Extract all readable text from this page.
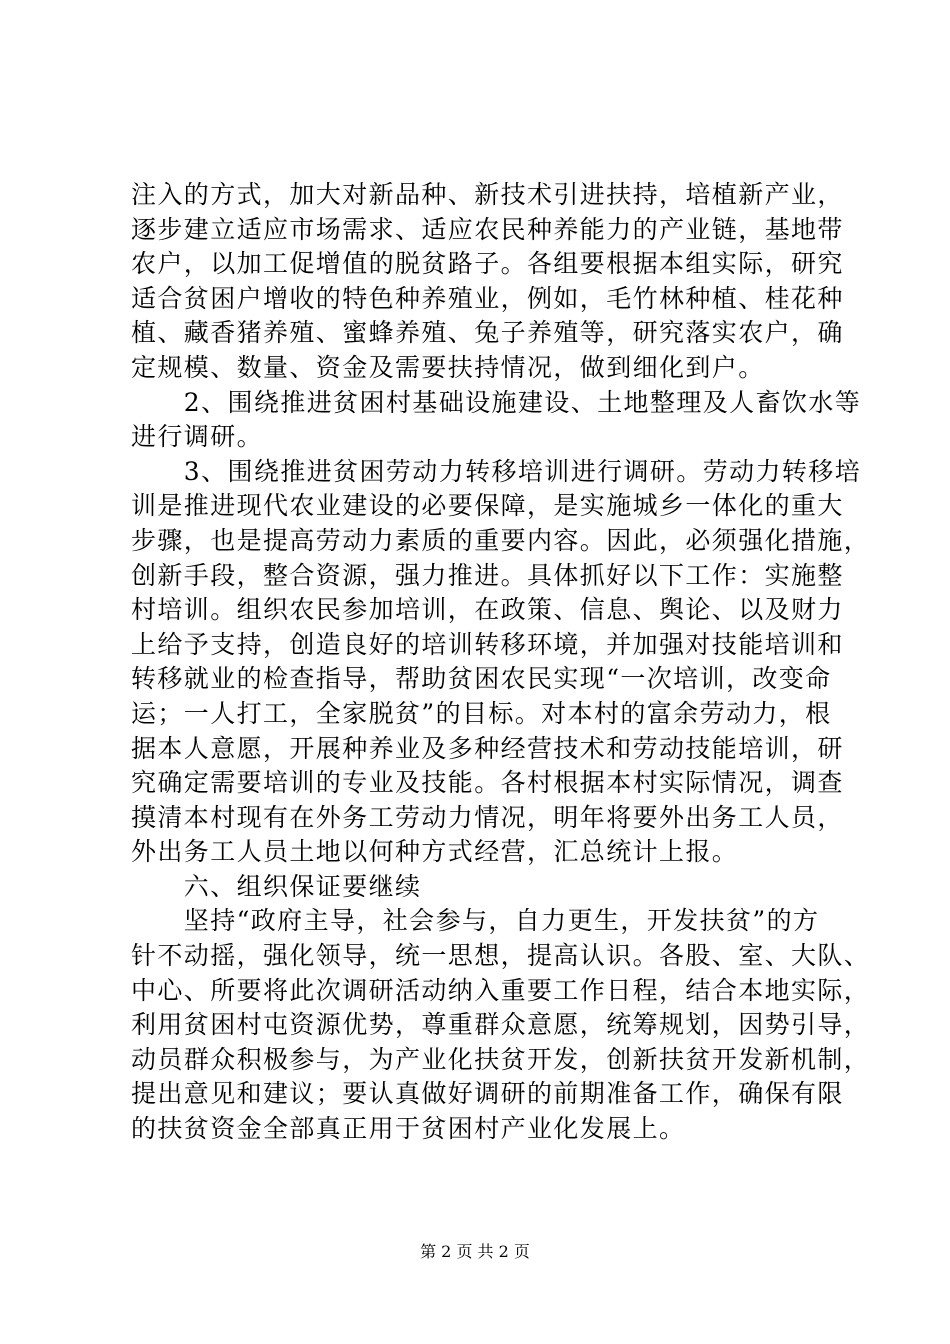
注入的方式，加大对新品种、新技术引进扶持，培植新产业，
逐步建立适应市场需求、适应农民种养能力的产业链，基地带
农户，以加工促增值的脱贫路子。各组要根据本组实际，研究
适合贫困户增收的特色种养殖业，例如，毛竹林种植、桂花种
植、藏香猪养殖、蜜蜂养殖、兔子养殖等，研究落实农户，确
定规模、数量、资金及需要扶持情况，做到细化到户。
　　2、围绕推进贫困村基础设施建设、土地整理及人畜饮水等
进行调研。
　　3、围绕推进贫困劳动力转移培训进行调研。劳动力转移培
训是推进现代农业建设的必要保障，是实施城乡一体化的重大
步骤，也是提高劳动力素质的重要内容。因此，必须强化措施，
创新手段，整合资源，强力推进。具体抓好以下工作：实施整
村培训。组织农民参加培训，在政策、信息、舆论、以及财力
上给予支持，创造良好的培训转移环境，并加强对技能培训和
转移就业的检查指导，帮助贫困农民实现“一次培训，改变命
运；一人打工，全家脱贫”的目标。对本村的富余劳动力，根
据本人意愿，开展种养业及多种经营技术和劳动技能培训，研
究确定需要培训的专业及技能。各村根据本村实际情况，调查
摸清本村现有在外务工劳动力情况，明年将要外出务工人员，
外出务工人员土地以何种方式经营，汇总统计上报。
　　六、组织保证要继续
　　坚持“政府主导，社会参与，自力更生，开发扶贫”的方
针不动摇，强化领导，统一思想，提高认识。各股、室、大队、
中心、所要将此次调研活动纳入重要工作日程，结合本地实际，
利用贫困村屯资源优势，尊重群众意愿，统筹规划，因势引导，
动员群众积极参与，为产业化扶贫开发，创新扶贫开发新机制，
提出意见和建议；要认真做好调研的前期准备工作，确保有限
的扶贫资金全部真正用于贫困村产业化发展上。
第 2 页 共 2 页
